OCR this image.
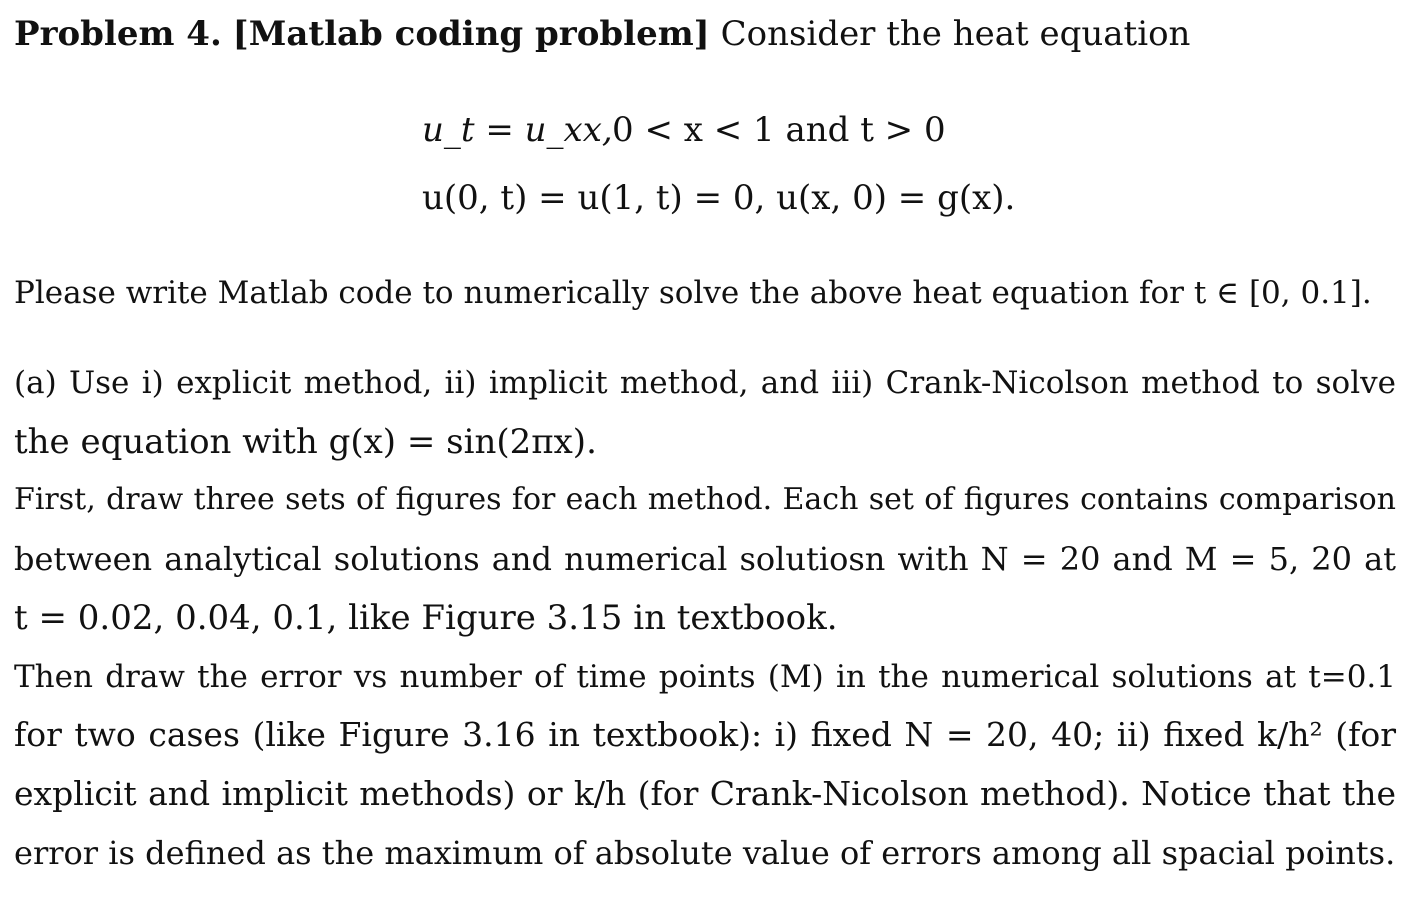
Problem 4. [Matlab coding problem] Consider the heat equation
u_t = u_xx, 0 < x < 1 and t > 0
u(0, t) = u(1, t) = 0, u(x, 0) = g(x).
Please write Matlab code to numerically solve the above heat equation for t ∈ [0, 0.1].
(a) Use i) explicit method, ii) implicit method, and iii) Crank-Nicolson method to solve
the equation with g(x) = sin(2πx).
First, draw three sets of figures for each method. Each set of figures contains comparison
between analytical solutions and numerical solutiosn with N = 20 and M = 5, 20 at
t = 0.02, 0.04, 0.1, like Figure 3.15 in textbook.
Then draw the error vs number of time points (M) in the numerical solutions at t=0.1
for two cases (like Figure 3.16 in textbook): i) fixed N = 20, 40; ii) fixed k/h² (for
explicit and implicit methods) or k/h (for Crank-Nicolson method). Notice that the
error is defined as the maximum of absolute value of errors among all spacial points.
